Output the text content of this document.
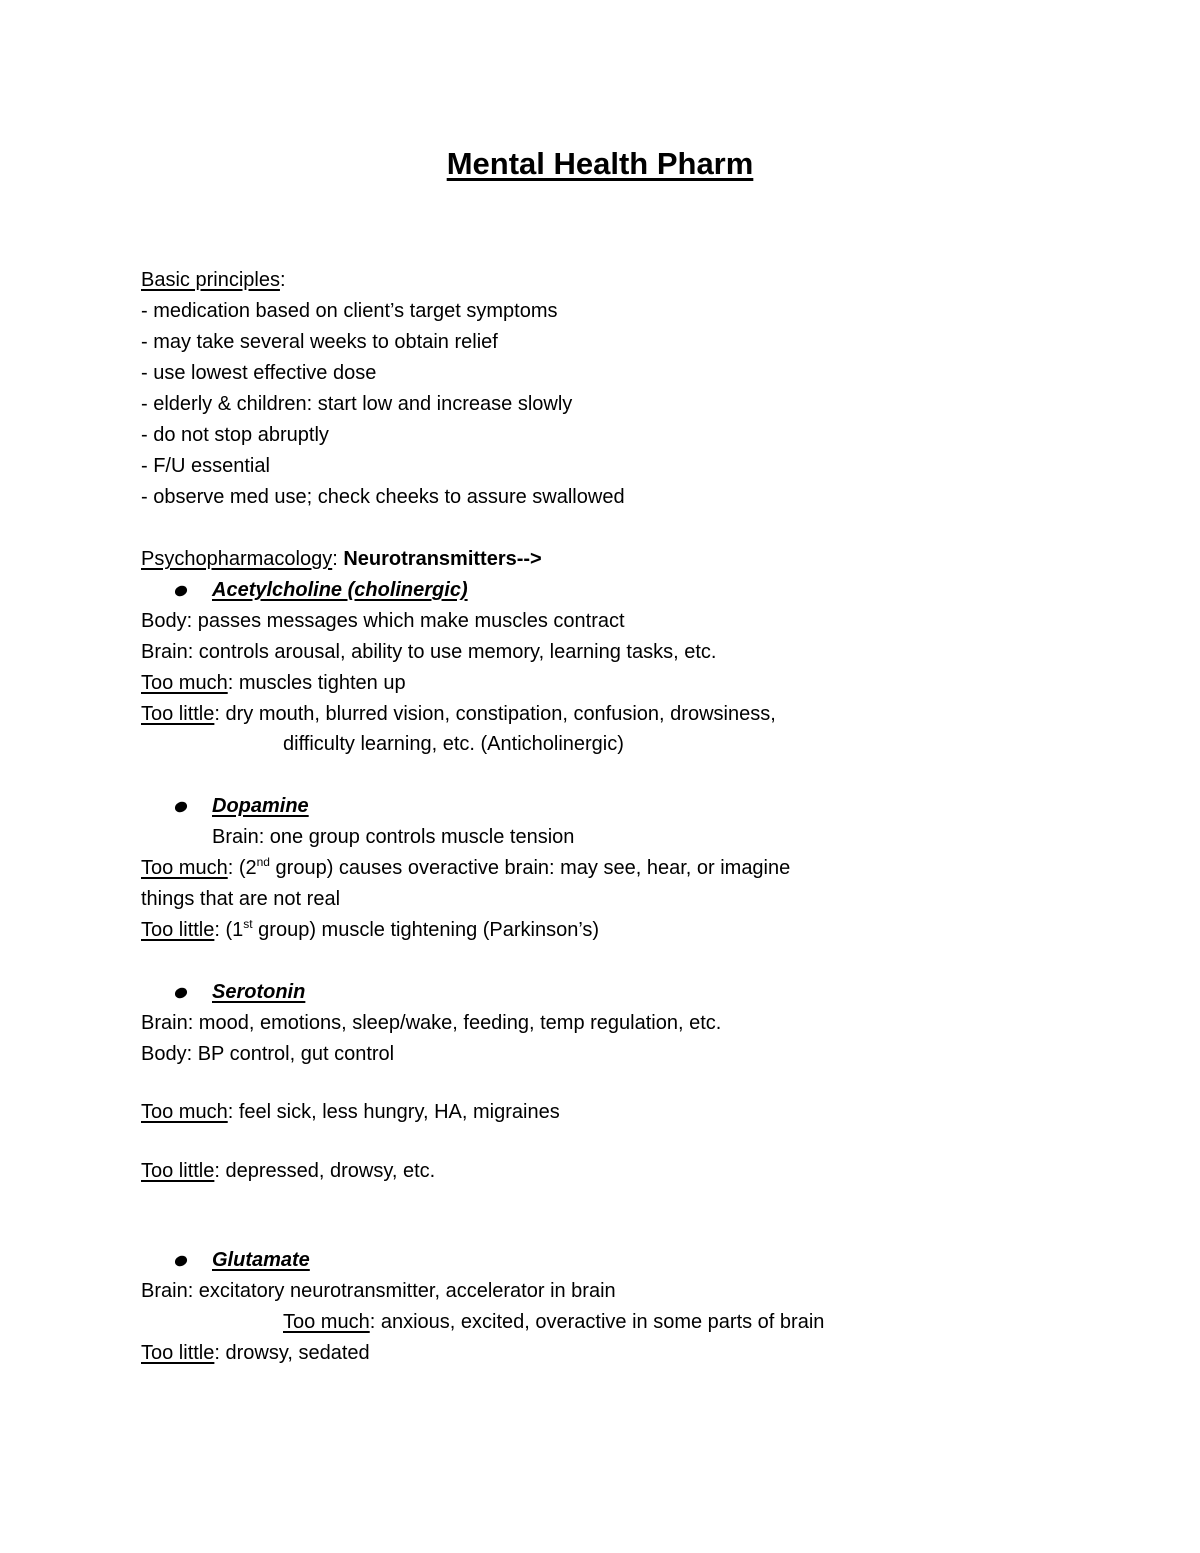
Mental Health Pharm
Basic principles:
- medication based on client’s target symptoms
- may take several weeks to obtain relief
- use lowest effective dose
- elderly & children: start low and increase slowly
- do not stop abruptly
- F/U essential
- observe med use; check cheeks to assure swallowed
Psychopharmacology: Neurotransmitters-->
Acetylcholine (cholinergic)
Body: passes messages which make muscles contract
Brain: controls arousal, ability to use memory, learning tasks, etc.
Too much: muscles tighten up
Too little: dry mouth, blurred vision, constipation, confusion, drowsiness,
difficulty learning, etc. (Anticholinergic)
Dopamine
Brain: one group controls muscle tension
Too much: (2nd group) causes overactive brain: may see, hear, or imagine
things that are not real
Too little: (1st group) muscle tightening (Parkinson’s)
Serotonin
Brain: mood, emotions, sleep/wake, feeding, temp regulation, etc.
Body: BP control, gut control
Too much: feel sick, less hungry, HA, migraines
Too little: depressed, drowsy, etc.
Glutamate
Brain: excitatory neurotransmitter, accelerator in brain
Too much: anxious, excited, overactive in some parts of brain
Too little: drowsy, sedated
